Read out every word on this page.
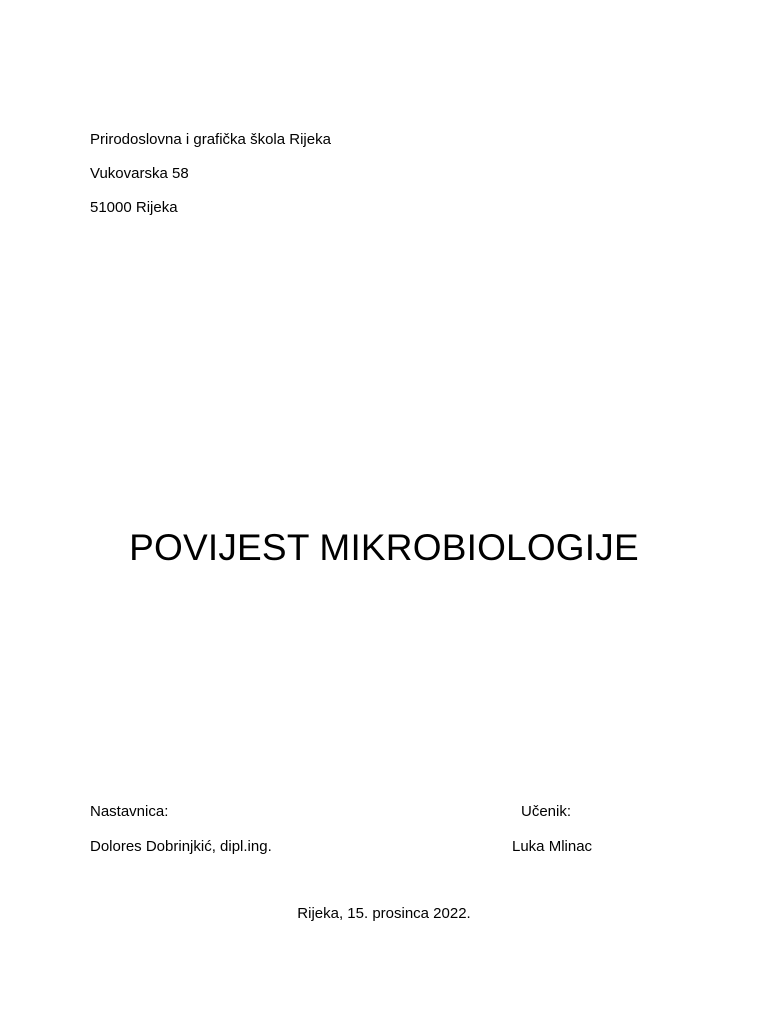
Prirodoslovna i grafička škola Rijeka
Vukovarska 58
51000 Rijeka
POVIJEST MIKROBIOLOGIJE
Nastavnica:
Dolores Dobrinjkić, dipl.ing.
Učenik:
Luka Mlinac
Rijeka, 15. prosinca 2022.
